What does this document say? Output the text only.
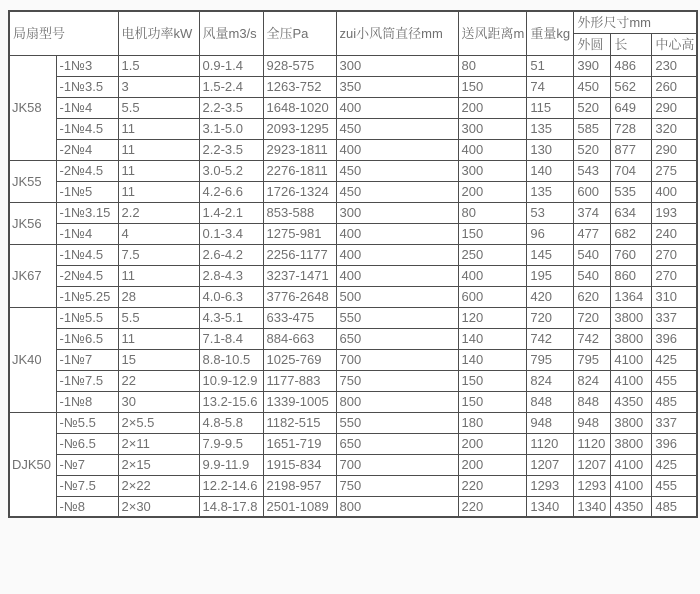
局扇型号		电机功率kW	风量m3/s	全压Pa	zui小风筒直径mm	送风距离m	重量kg	外形尺寸mm		
								外圆	长	中心高
JK58	-1№3	1.5	0.9-1.4	928-575	300	80	51	390	486	230
	-1№3.5	3	1.5-2.4	1263-752	350	150	74	450	562	260
	-1№4	5.5	2.2-3.5	1648-1020	400	200	115	520	649	290
	-1№4.5	11	3.1-5.0	2093-1295	450	300	135	585	728	320
	-2№4	11	2.2-3.5	2923-1811	400	400	130	520	877	290
JK55	-2№4.5	11	3.0-5.2	2276-1811	450	300	140	543	704	275
	-1№5	11	4.2-6.6	1726-1324	450	200	135	600	535	400
JK56	-1№3.15	2.2	1.4-2.1	853-588	300	80	53	374	634	193
	-1№4	4	0.1-3.4	1275-981	400	150	96	477	682	240
JK67	-1№4.5	7.5	2.6-4.2	2256-1177	400	250	145	540	760	270
	-2№4.5	11	2.8-4.3	3237-1471	400	400	195	540	860	270
	-1№5.25	28	4.0-6.3	3776-2648	500	600	420	620	1364	310
JK40	-1№5.5	5.5	4.3-5.1	633-475	550	120	720	720	3800	337
	-1№6.5	11	7.1-8.4	884-663	650	140	742	742	3800	396
	-1№7	15	8.8-10.5	1025-769	700	140	795	795	4100	425
	-1№7.5	22	10.9-12.9	1177-883	750	150	824	824	4100	455
	-1№8	30	13.2-15.6	1339-1005	800	150	848	848	4350	485
DJK50	-№5.5	2×5.5	4.8-5.8	1182-515	550	180	948	948	3800	337
	-№6.5	2×11	7.9-9.5	1651-719	650	200	1120	1120	3800	396
	-№7	2×15	9.9-11.9	1915-834	700	200	1207	1207	4100	425
	-№7.5	2×22	12.2-14.6	2198-957	750	220	1293	1293	4100	455
	-№8	2×30	14.8-17.8	2501-1089	800	220	1340	1340	4350	485
